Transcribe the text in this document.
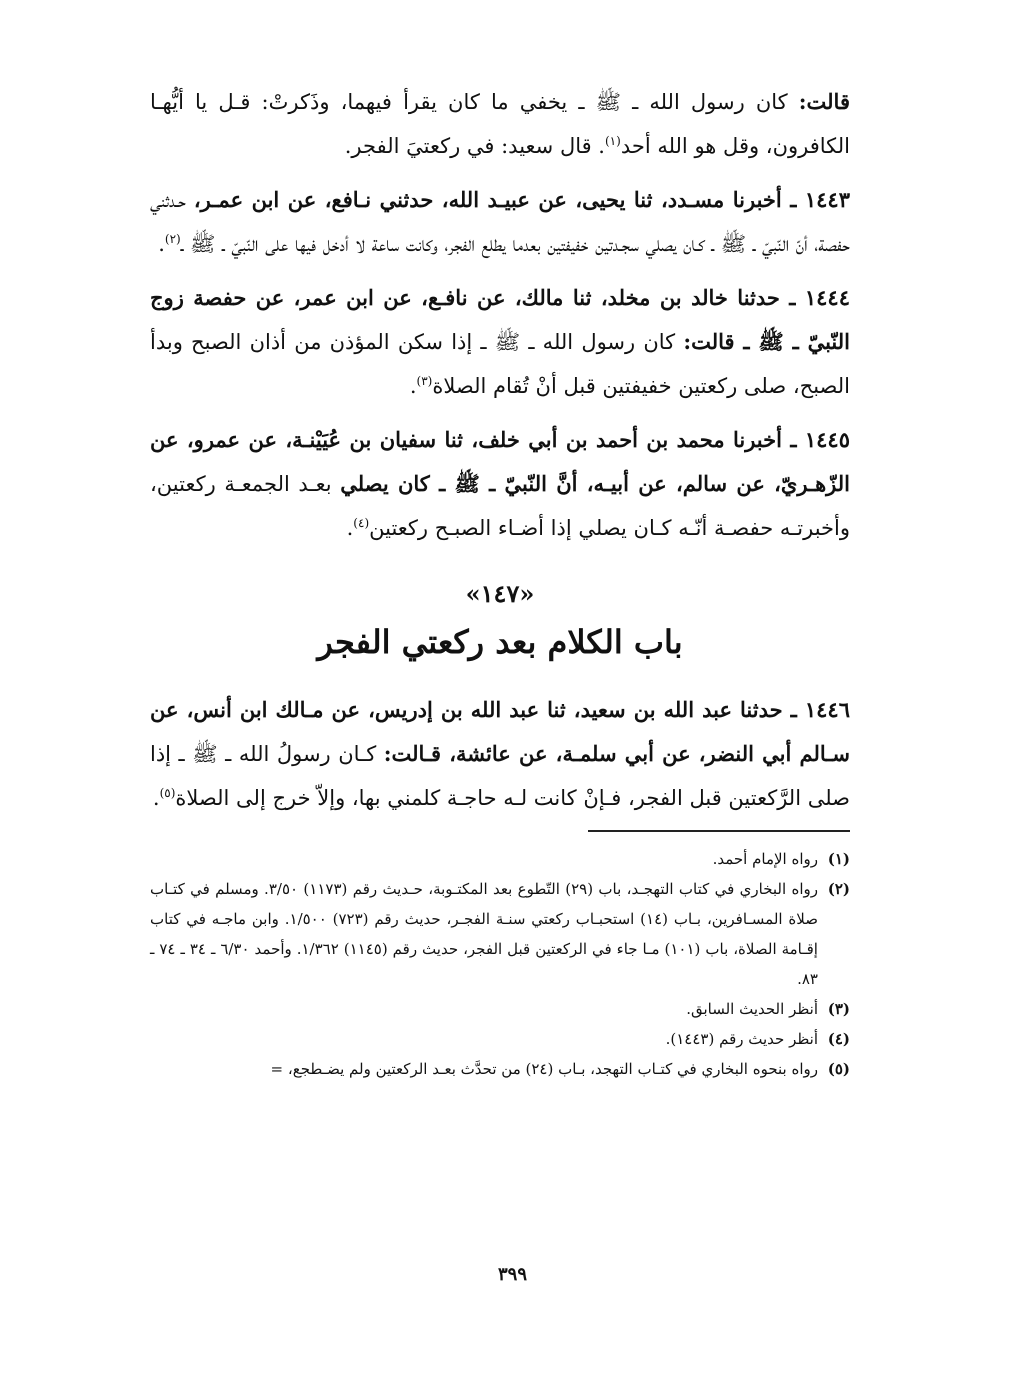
قالت: كان رسول الله ـ ﷺ ـ يخفي ما كان يقرأ فيهما، وذَكرتْ: قـل يا أيُّهـا الكافرون، وقل هو الله أحد$^{(١)}$. قال سعيد: في ركعتيَ الفجر.

١٤٤٣ ـ أخبرنا مسـدد، ثنا يحيى، عن عبيـد الله، حدثني نـافع، عن ابن عمـر، حـدثني حفصة، أنّ النّبيّ ـ ﷺ ـ كـان يصلي سجـدتين خفيفتين بعدما يطلع الفجر، وكانت ساعة لا أدخل فيها على النّبيّ ـ ﷺ ـ$^{(٢)}$.

١٤٤٤ ـ حدثنا خالد بن مخلد، ثنا مالك، عن نافـع، عن ابن عمر، عن حفصة زوج النّبيّ ـ ﷺ ـ قالت: كان رسول الله ـ ﷺ ـ إذا سكن المؤذن من أذان الصبح وبدأ الصبح، صلى ركعتين خفيفتين قبل أنْ تُقام الصلاة$^{(٣)}$.

١٤٤٥ ـ أخبرنا محمد بن أحمد بن أبي خلف، ثنا سفيان بن عُيَيْنـة، عن عمرو، عن الزّهـريّ، عن سالم، عن أبيـه، أنَّ النّبيّ ـ ﷺ ـ كان يصلي بعـد الجمعـة ركعتين، وأخبرتـه حفصـة أنّـه كـان يصلي إذا أضـاء الصبـح ركعتين$^{(٤)}$.

«١٤٧»
باب الكلام بعد ركعتي الفجر

١٤٤٦ ـ حدثنا عبد الله بن سعيد، ثنا عبد الله بن إدريس، عن مـالك ابن أنس، عن سـالم أبي النضر، عن أبي سلمـة، عن عائشة، قـالت: كـان رسولُ الله ـ ﷺ ـ إذا صلى الرَّكعتين قبل الفجر، فـإنْ كانت لـه حاجـة كلمني بها، وإلاّ خرج إلى الصلاة$^{(٥)}$.

(١)رواه الإمام أحمد.

(٢)رواه البخاري في كتاب التهجـد، باب (٢٩) التّطوع بعد المكتـوبة، حـديث رقم (١١٧٣) ٣/٥٠. ومسلم في كتـاب صلاة المسـافرين، بـاب (١٤) استحبـاب ركعتي سنـة الفجـر، حديث رقم (٧٢٣) ١/٥٠٠. وابن ماجـه في كتاب إقـامة الصلاة، باب (١٠١) مـا جاء في الركعتين قبل الفجر، حديث رقم (١١٤٥) ١/٣٦٢. وأحمد ٦/٣٠ ـ ٣٤ ـ ٧٤ ـ ٨٣.

(٣)أنظر الحديث السابق.

(٤)أنظر حديث رقم (١٤٤٣).

(٥)رواه بنحوه البخاري في كتـاب التهجد، بـاب (٢٤) من تحدَّث بعـد الركعتين ولم يضـطجع، =

٣٩٩
